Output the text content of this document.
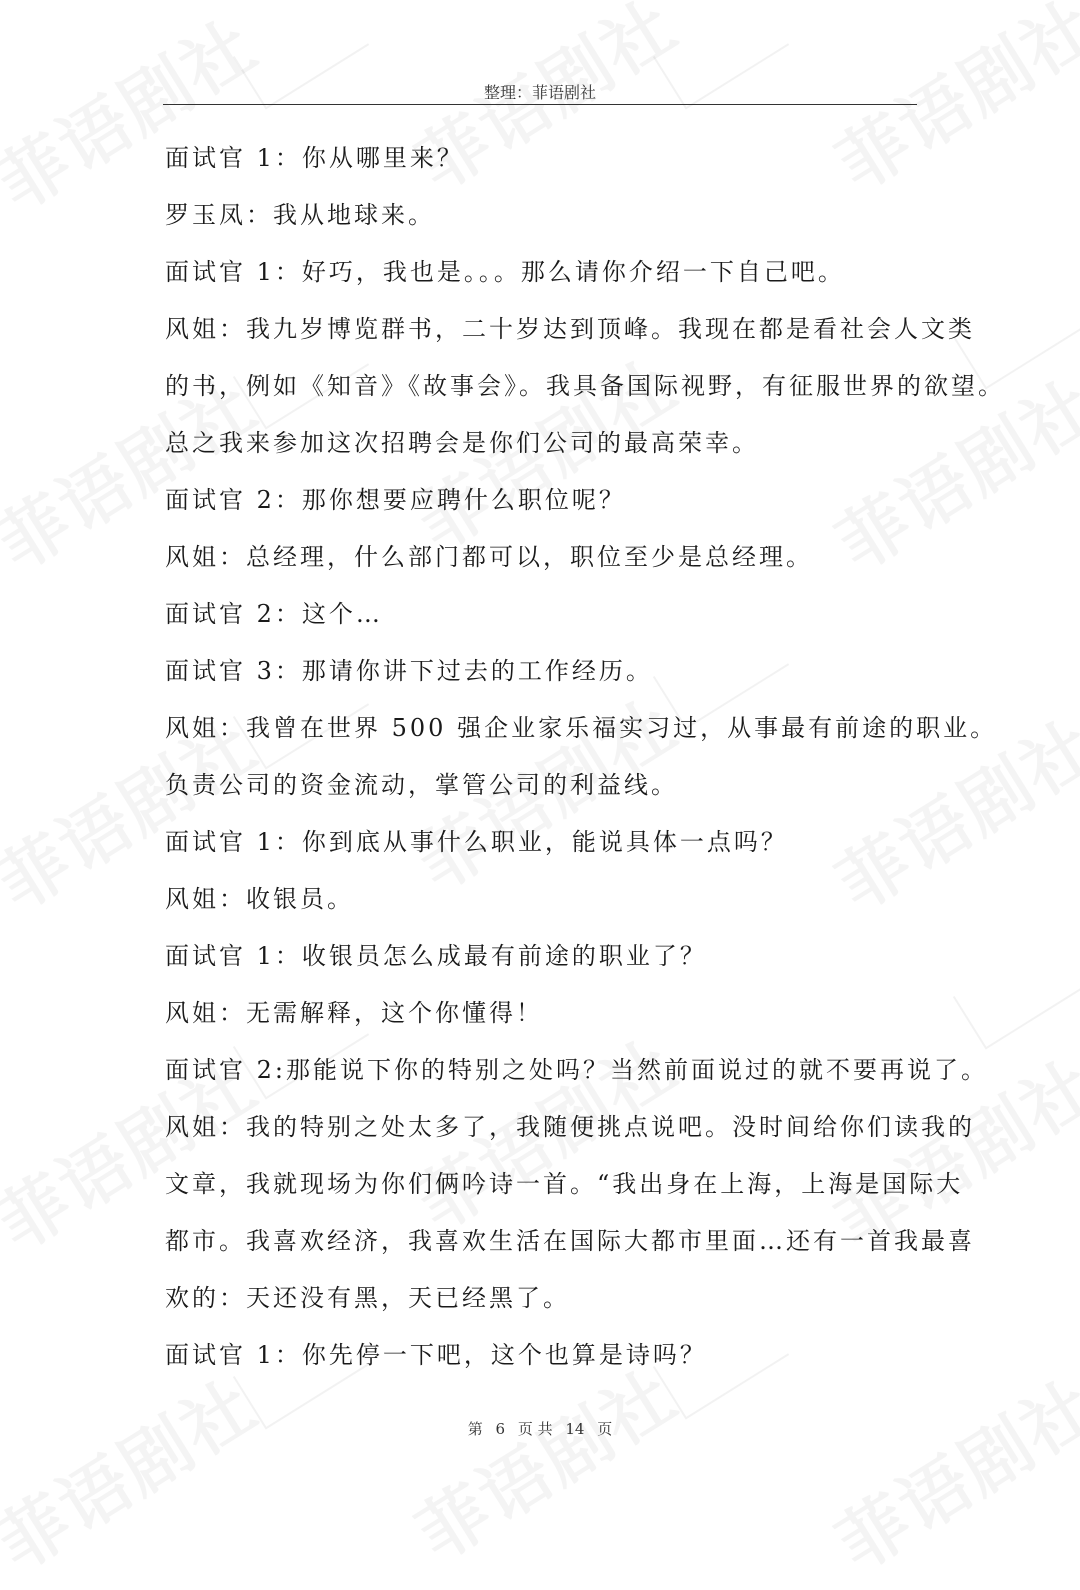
整理：菲语剧社
面试官 1：你从哪里来？
罗玉凤：我从地球来。
面试官 1：好巧，我也是。。。那么请你介绍一下自己吧。
风姐：我九岁博览群书，二十岁达到顶峰。我现在都是看社会人文类
的书，例如《知音》《故事会》。我具备国际视野，有征服世界的欲望。
总之我来参加这次招聘会是你们公司的最高荣幸。
面试官 2：那你想要应聘什么职位呢？
风姐：总经理，什么部门都可以，职位至少是总经理。
面试官 2：这个…
面试官 3：那请你讲下过去的工作经历。
风姐：我曾在世界 500 强企业家乐福实习过，从事最有前途的职业。
负责公司的资金流动，掌管公司的利益线。
面试官 1：你到底从事什么职业，能说具体一点吗？
风姐：收银员。
面试官 1：收银员怎么成最有前途的职业了？
风姐：无需解释，这个你懂得！
面试官 2:那能说下你的特别之处吗？当然前面说过的就不要再说了。
风姐：我的特别之处太多了，我随便挑点说吧。没时间给你们读我的
文章，我就现场为你们俩吟诗一首。“我出身在上海，上海是国际大
都市。我喜欢经济，我喜欢生活在国际大都市里面…还有一首我最喜
欢的：天还没有黑，天已经黑了。
面试官 1：你先停一下吧，这个也算是诗吗？
第 6 页 共 14 页
